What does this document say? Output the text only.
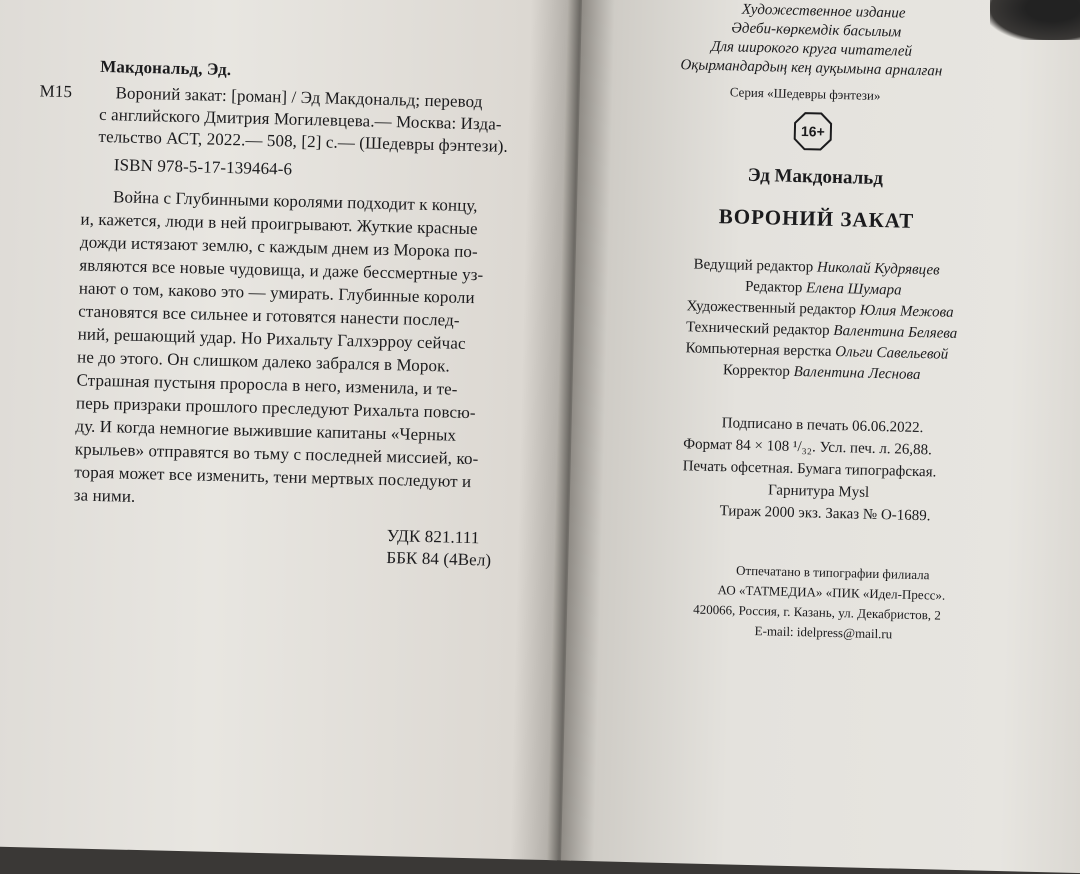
Макдональд, Эд.
М15	Вороний закат: [роман] / Эд Макдональд; перевод
с английского Дмитрия Могилевцева.— Москва: Изда-
тельство АСТ, 2022.— 508, [2] с.— (Шедевры фэнтези).
ISBN 978-5-17-139464-6
Война с Глубинными королями подходит к концу,
и, кажется, люди в ней проигрывают. Жуткие красные
дожди истязают землю, с каждым днем из Морока по-
являются все новые чудовища, и даже бессмертные уз-
нают о том, каково это — умирать. Глубинные короли
становятся все сильнее и готовятся нанести послед-
ний, решающий удар. Но Рихальту Галхэрроу сейчас
не до этого. Он слишком далеко забрался в Морок.
Страшная пустыня проросла в него, изменила, и те-
перь призраки прошлого преследуют Рихальта повсю-
ду. И когда немногие выжившие капитаны «Черных
крыльев» отправятся во тьму с последней миссией, ко-
торая может все изменить, тени мертвых последуют и
за ними.
УДК 821.111
ББК 84 (4Вел)
Художественное издание
Әдеби-көркемдік басылым
Для широкого круга читателей
Оқырмандардың кең ауқымына арналған
Серия «Шедевры фэнтези»
16+
Эд Макдональд
ВОРОНИЙ ЗАКАТ
Ведущий редактор Николай Кудрявцев
Редактор Елена Шумара
Художественный редактор Юлия Межова
Технический редактор Валентина Беляева
Компьютерная верстка Ольги Савельевой
Корректор Валентина Леснова
Подписано в печать 06.06.2022.
Формат 84 × 108 ¹/₃₂. Усл. печ. л. 26,88.
Печать офсетная. Бумага типографская.
Гарнитура Mysl
Тираж 2000 экз. Заказ № О-1689.
Отпечатано в типографии филиала
АО «ТАТМЕДИА» «ПИК «Идел-Пресс».
420066, Россия, г. Казань, ул. Декабристов, 2
E-mail: idelpress@mail.ru
